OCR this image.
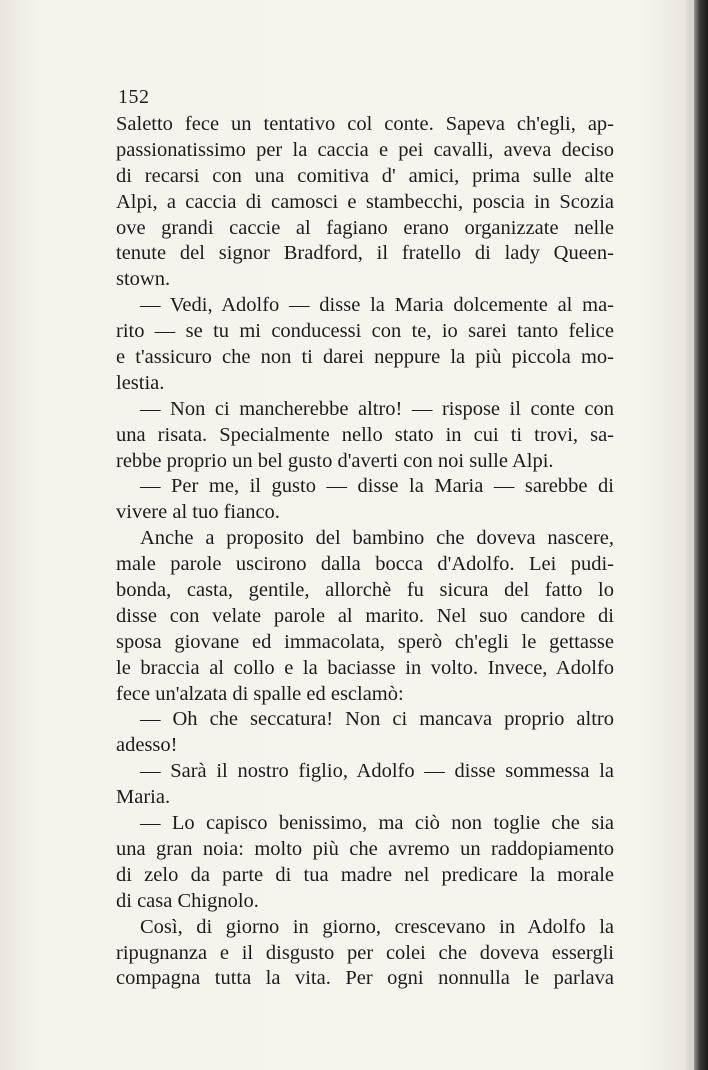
152
Saletto fece un tentativo col conte. Sapeva ch'egli, ap-
passionatissimo per la caccia e pei cavalli, aveva deciso
di recarsi con una comitiva d' amici, prima sulle alte
Alpi, a caccia di camosci e stambecchi, poscia in Scozia
ove grandi caccie al fagiano erano organizzate nelle
tenute del signor Bradford, il fratello di lady Queen-
stown.
— Vedi, Adolfo — disse la Maria dolcemente al ma-
rito — se tu mi conducessi con te, io sarei tanto felice
e t'assicuro che non ti darei neppure la più piccola mo-
lestia.
— Non ci mancherebbe altro! — rispose il conte con
una risata. Specialmente nello stato in cui ti trovi, sa-
rebbe proprio un bel gusto d'averti con noi sulle Alpi.
— Per me, il gusto — disse la Maria — sarebbe di
vivere al tuo fianco.
Anche a proposito del bambino che doveva nascere,
male parole uscirono dalla bocca d'Adolfo. Lei pudi-
bonda, casta, gentile, allorchè fu sicura del fatto lo
disse con velate parole al marito. Nel suo candore di
sposa giovane ed immacolata, sperò ch'egli le gettasse
le braccia al collo e la baciasse in volto. Invece, Adolfo
fece un'alzata di spalle ed esclamò:
— Oh che seccatura! Non ci mancava proprio altro
adesso!
— Sarà il nostro figlio, Adolfo — disse sommessa la
Maria.
— Lo capisco benissimo, ma ciò non toglie che sia
una gran noia: molto più che avremo un raddopiamento
di zelo da parte di tua madre nel predicare la morale
di casa Chignolo.
Così, di giorno in giorno, crescevano in Adolfo la
ripugnanza e il disgusto per colei che doveva essergli
compagna tutta la vita. Per ogni nonnulla le parlava
